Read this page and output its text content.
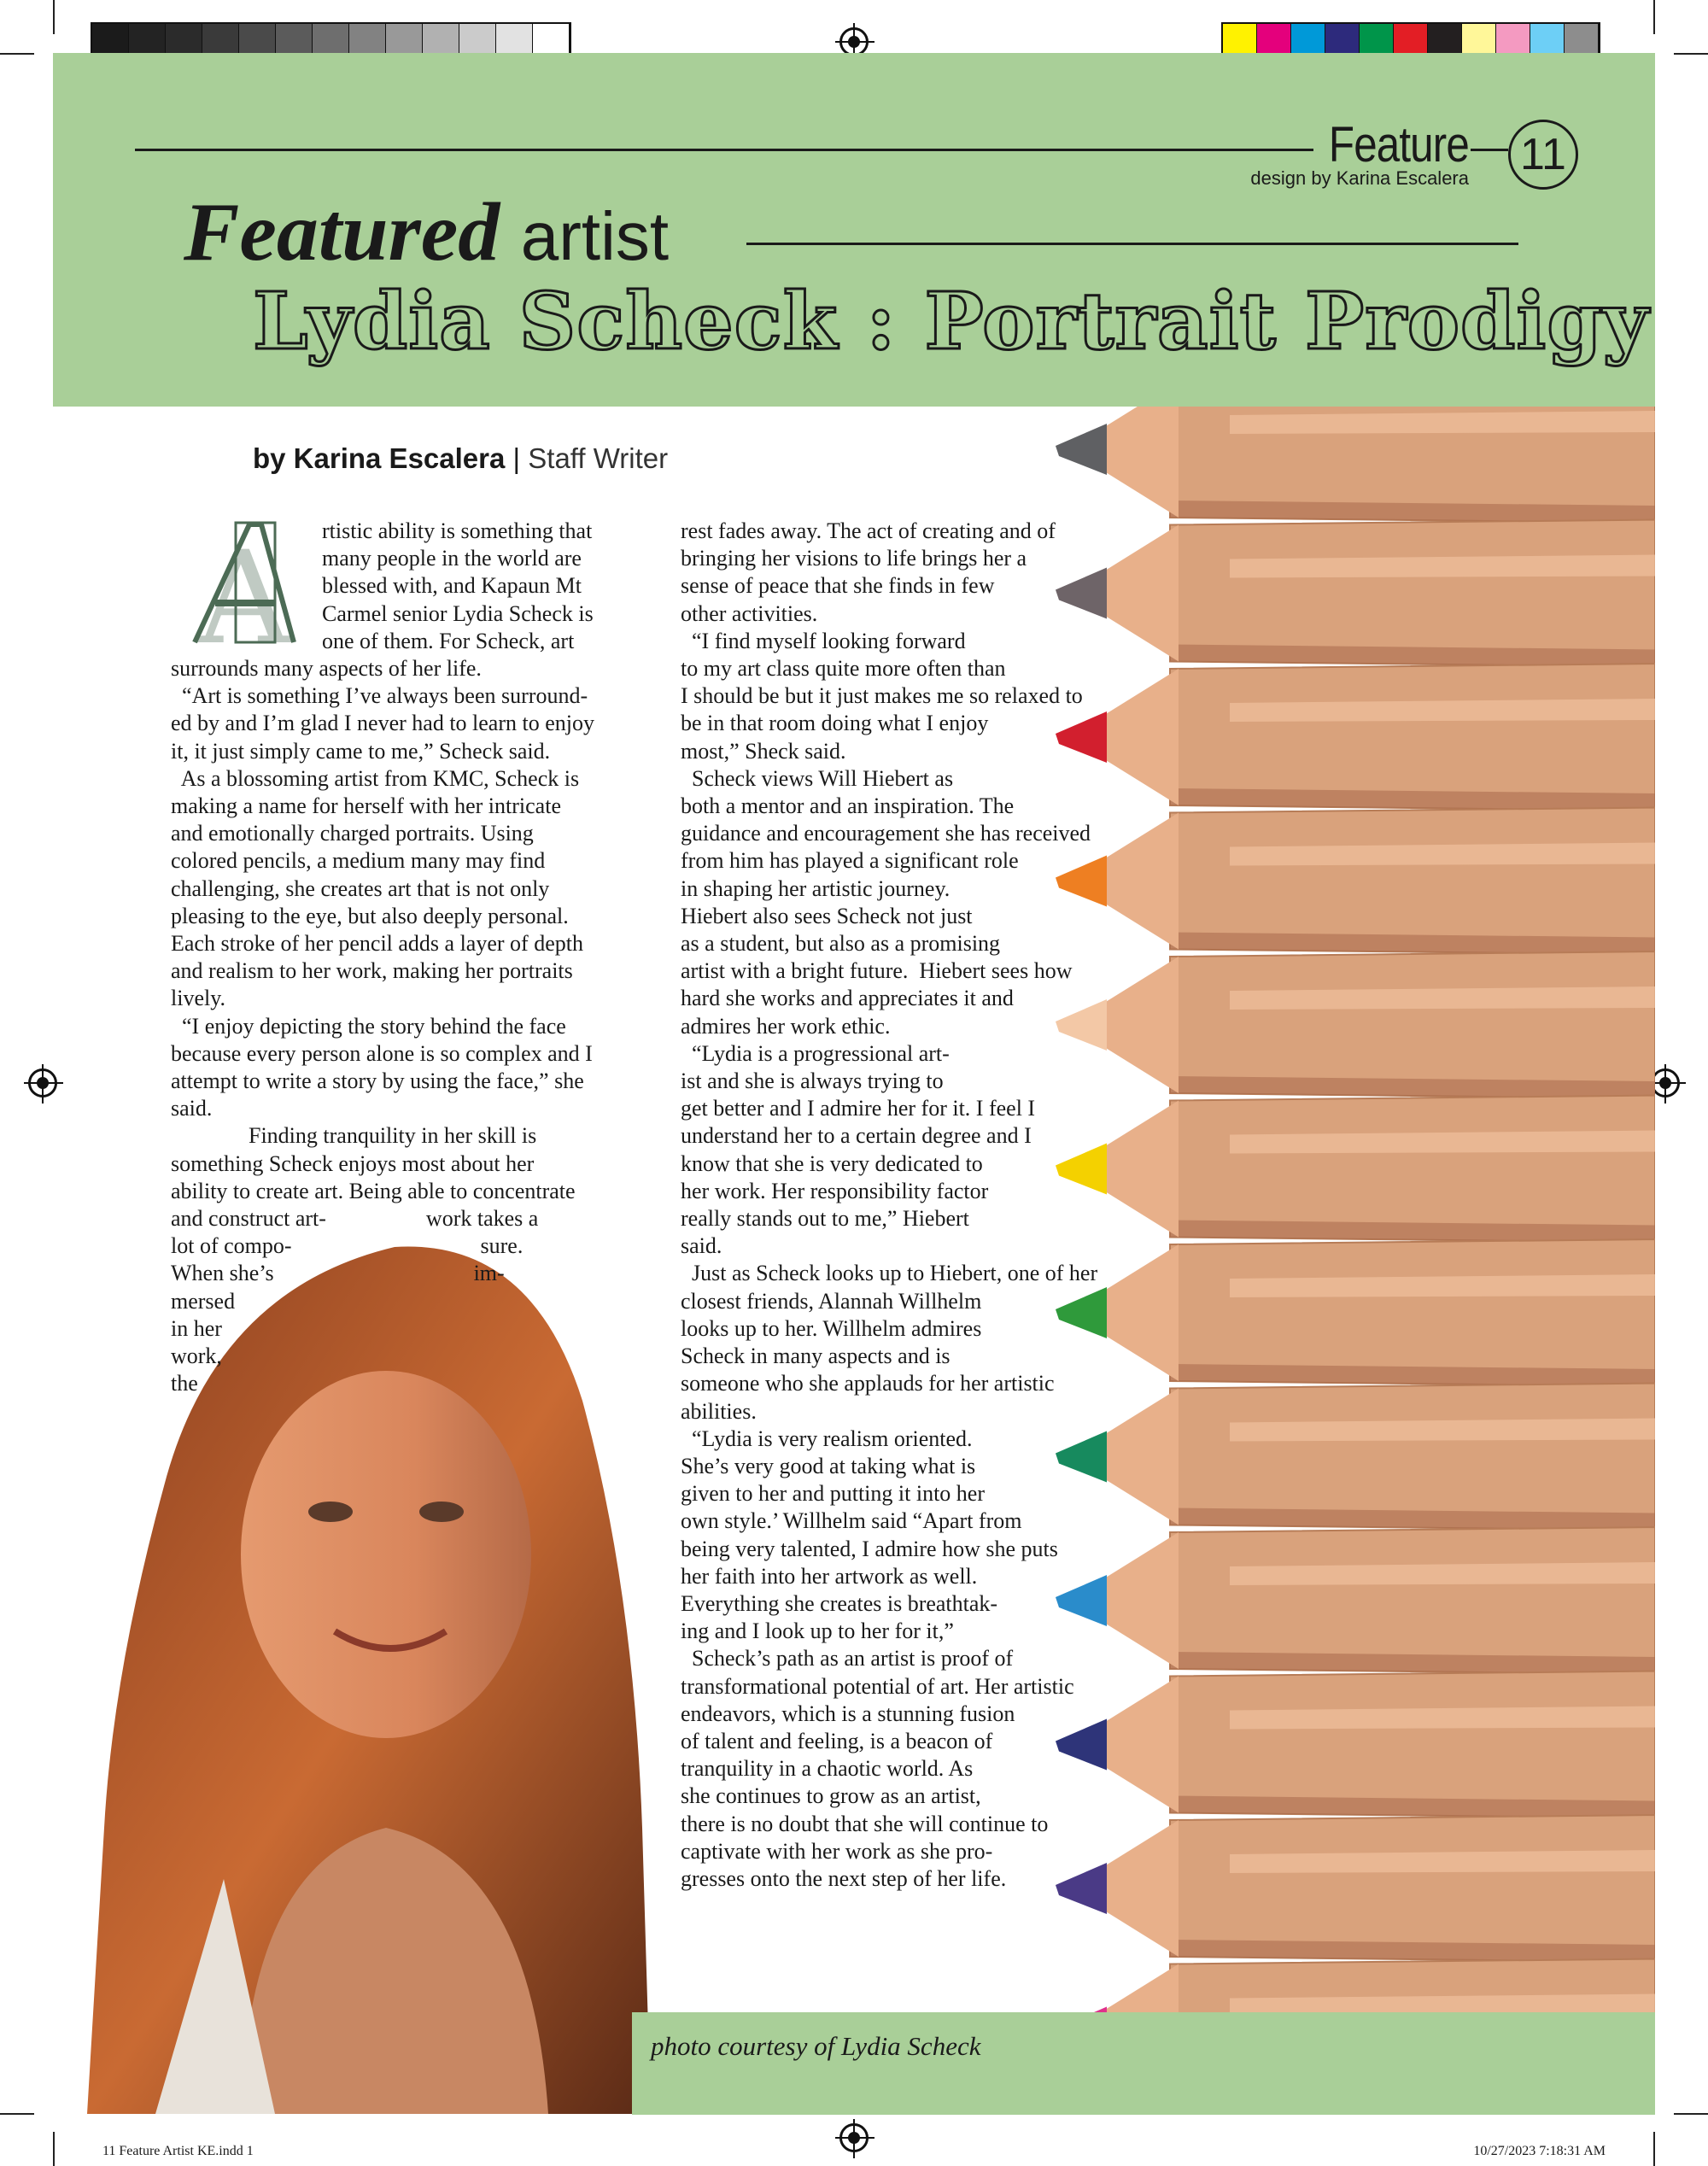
Feature
design by Karina Escalera 11
Featured artist
Lydia Scheck : Portrait Prodigy
by Karina Escalera | Staff Writer
A	rtistic ability is something that
many people in the world are
blessed with, and Kapaun Mt
Carmel senior Lydia Scheck is
one of them. For Scheck, art
surrounds many aspects of her life.
“Art is something I’ve always been surround-
ed by and I’m glad I never had to learn to enjoy
it, it just simply came to me,” Scheck said.
As a blossoming artist from KMC, Scheck is
making a name for herself with her intricate
and emotionally charged portraits. Using
colored pencils, a medium many may find
challenging, she creates art that is not only
pleasing to the eye, but also deeply personal.
Each stroke of her pencil adds a layer of depth
and realism to her work, making her portraits
lively.
“I enjoy depicting the story behind the face
because every person alone is so complex and I
attempt to write a story by using the face,” she
said.
Finding tranquility in her skill is
something Scheck enjoys most about her
ability to create art. Being able to concentrate
and construct art-                  work takes a
lot of compo-                                  sure.
When she’s                                    im-
mersed
in her
work,
the
rest fades away. The act of creating and of
bringing her visions to life brings her a
sense of peace that she finds in few
other activities.
“I find myself looking forward
to my art class quite more often than
I should be but it just makes me so relaxed to
be in that room doing what I enjoy
most,” Sheck said.
Scheck views Will Hiebert as
both a mentor and an inspiration. The
guidance and encouragement she has received
from him has played a significant role
in shaping her artistic journey.
Hiebert also sees Scheck not just
as a student, but also as a promising
artist with a bright future.  Hiebert sees how
hard she works and appreciates it and
admires her work ethic.
“Lydia is a progressional art-
ist and she is always trying to
get better and I admire her for it. I feel I
understand her to a certain degree and I
know that she is very dedicated to
her work. Her responsibility factor
really stands out to me,” Hiebert
said.
Just as Scheck looks up to Hiebert, one of her
closest friends, Alannah Willhelm
looks up to her. Willhelm admires
Scheck in many aspects and is
someone who she applauds for her artistic
abilities.
“Lydia is very realism oriented.
She’s very good at taking what is
given to her and putting it into her
own style.’ Willhelm said “Apart from
being very talented, I admire how she puts
her faith into her artwork as well.
Everything she creates is breathtak-
ing and I look up to her for it,”
Scheck’s path as an artist is proof of
transformational potential of art. Her artistic
endeavors, which is a stunning fusion
of talent and feeling, is a beacon of
tranquility in a chaotic world. As
she continues to grow as an artist,
there is no doubt that she will continue to
captivate with her work as she pro-
gresses onto the next step of her life.
photo courtesy of Lydia Scheck
11 Feature Artist KE.indd 1	10/27/2023 7:18:31 AM
